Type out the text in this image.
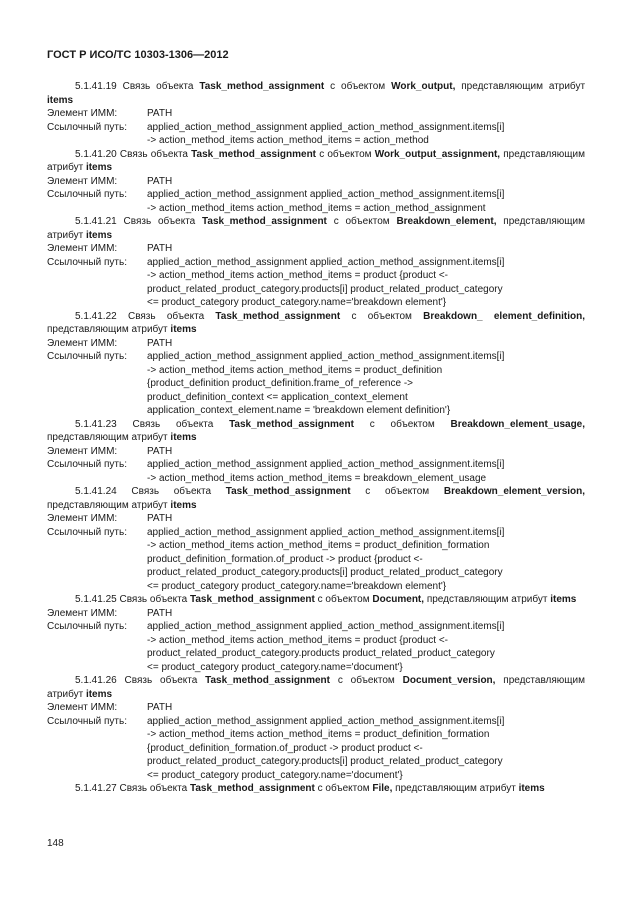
ГОСТ Р ИСО/ТС 10303-1306—2012

5.1.41.19 Связь объекта Task_method_assignment с объектом Work_output, представляющим атрибут items

Элемент ИММ:	PATH
Ссылочный путь:	applied_action_method_assignment applied_action_method_assignment.items[i]
-> action_method_items action_method_items = action_method

5.1.41.20 Связь объекта Task_method_assignment с объектом Work_output_assignment, представляющим атрибут items

Элемент ИММ:	PATH
Ссылочный путь:	applied_action_method_assignment applied_action_method_assignment.items[i]
-> action_method_items action_method_items = action_method_assignment

5.1.41.21 Связь объекта Task_method_assignment с объектом Breakdown_element, представляющим атрибут items

Элемент ИММ:	PATH
Ссылочный путь:	applied_action_method_assignment applied_action_method_assignment.items[i]
-> action_method_items action_method_items = product {product <-
product_related_product_category.products[i] product_related_product_category
<= product_category product_category.name='breakdown element'}

5.1.41.22 Связь объекта Task_method_assignment с объектом Breakdown_ element_definition, представляющим атрибут items

Элемент ИММ:	PATH
Ссылочный путь:	applied_action_method_assignment applied_action_method_assignment.items[i]
-> action_method_items action_method_items = product_definition
{product_definition product_definition.frame_of_reference ->
product_definition_context <= application_context_element
application_context_element.name = 'breakdown element definition'}

5.1.41.23 Связь объекта Task_method_assignment с объектом Breakdown_element_usage, представляющим атрибут items

Элемент ИММ:	PATH
Ссылочный путь:	applied_action_method_assignment applied_action_method_assignment.items[i]
-> action_method_items action_method_items = breakdown_element_usage

5.1.41.24 Связь объекта Task_method_assignment с объектом Breakdown_element_version, представляющим атрибут items

Элемент ИММ:	PATH
Ссылочный путь:	applied_action_method_assignment applied_action_method_assignment.items[i]
-> action_method_items action_method_items = product_definition_formation
product_definition_formation.of_product -> product {product <-
product_related_product_category.products[i] product_related_product_category
<= product_category product_category.name='breakdown element'}

5.1.41.25 Связь объекта Task_method_assignment с объектом Document, представляющим атрибут items

Элемент ИММ:	PATH
Ссылочный путь:	applied_action_method_assignment applied_action_method_assignment.items[i]
-> action_method_items action_method_items = product {product <-
product_related_product_category.products product_related_product_category
<= product_category product_category.name='document'}

5.1.41.26 Связь объекта Task_method_assignment с объектом Document_version, представляющим атрибут items

Элемент ИММ:	PATH
Ссылочный путь:	applied_action_method_assignment applied_action_method_assignment.items[i]
-> action_method_items action_method_items = product_definition_formation
{product_definition_formation.of_product -> product product <-
product_related_product_category.products[i] product_related_product_category
<= product_category product_category.name='document'}

5.1.41.27 Связь объекта Task_method_assignment с объектом File, представляющим атрибут items

148
